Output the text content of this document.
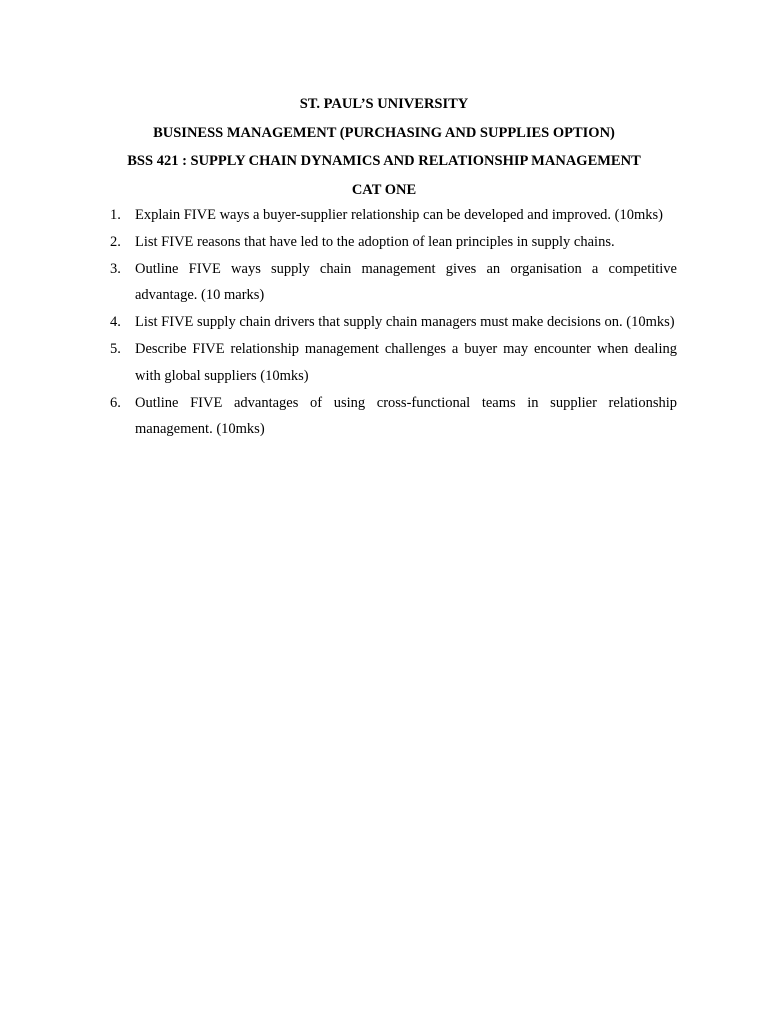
ST. PAUL’S UNIVERSITY
BUSINESS MANAGEMENT (PURCHASING AND SUPPLIES OPTION)
BSS 421 : SUPPLY CHAIN DYNAMICS AND RELATIONSHIP MANAGEMENT
CAT ONE
1. Explain FIVE ways a buyer-supplier relationship can be developed and improved. (10mks)
2. List FIVE reasons that have led to the adoption of lean principles in supply chains.
3. Outline FIVE ways supply chain management gives an organisation a competitive advantage. (10 marks)
4. List FIVE supply chain drivers that supply chain managers must make decisions on. (10mks)
5. Describe FIVE relationship management challenges a buyer may encounter when dealing with global suppliers (10mks)
6. Outline FIVE advantages of using cross-functional teams in supplier relationship management. (10mks)
